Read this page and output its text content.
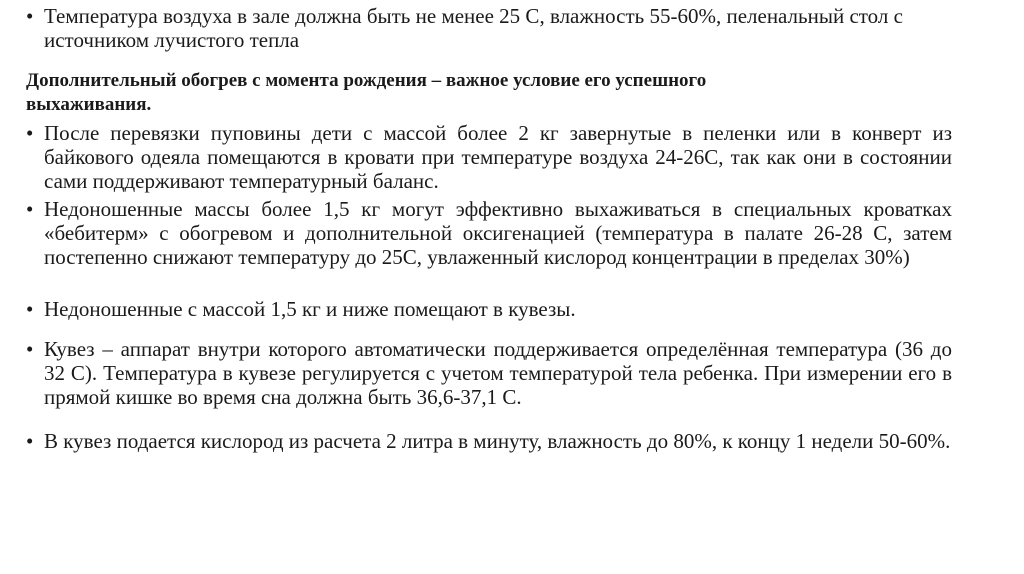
• Температура воздуха в зале должна быть не менее 25 С, влажность 55-60%, пеленальный стол с источником лучистого тепла
Дополнительный обогрев с момента рождения – важное условие его успешного выхаживания.
• После перевязки пуповины дети с массой более 2 кг завернутые в пеленки или в конверт из байкового одеяла помещаются в кровати при температуре воздуха 24-26С, так как они в состоянии сами поддерживают температурный баланс.
• Недоношенные массы более 1,5 кг могут эффективно выхаживаться в специальных кроватках «бебитерм» с обогревом и дополнительной оксигенацией (температура в палате 26-28 С, затем постепенно снижают температуру до 25С, увлаженный кислород концентрации в пределах 30%)
• Недоношенные с массой 1,5 кг и ниже помещают в кувезы.
• Кувез – аппарат внутри которого автоматически поддерживается определённая температура (36 до 32 С). Температура в кувезе регулируется с учетом температурой тела ребенка. При измерении его в прямой кишке во время сна должна быть 36,6-37,1 С.
• В кувез подается кислород из расчета 2 литра в минуту, влажность до 80%, к концу 1 недели 50-60%.
